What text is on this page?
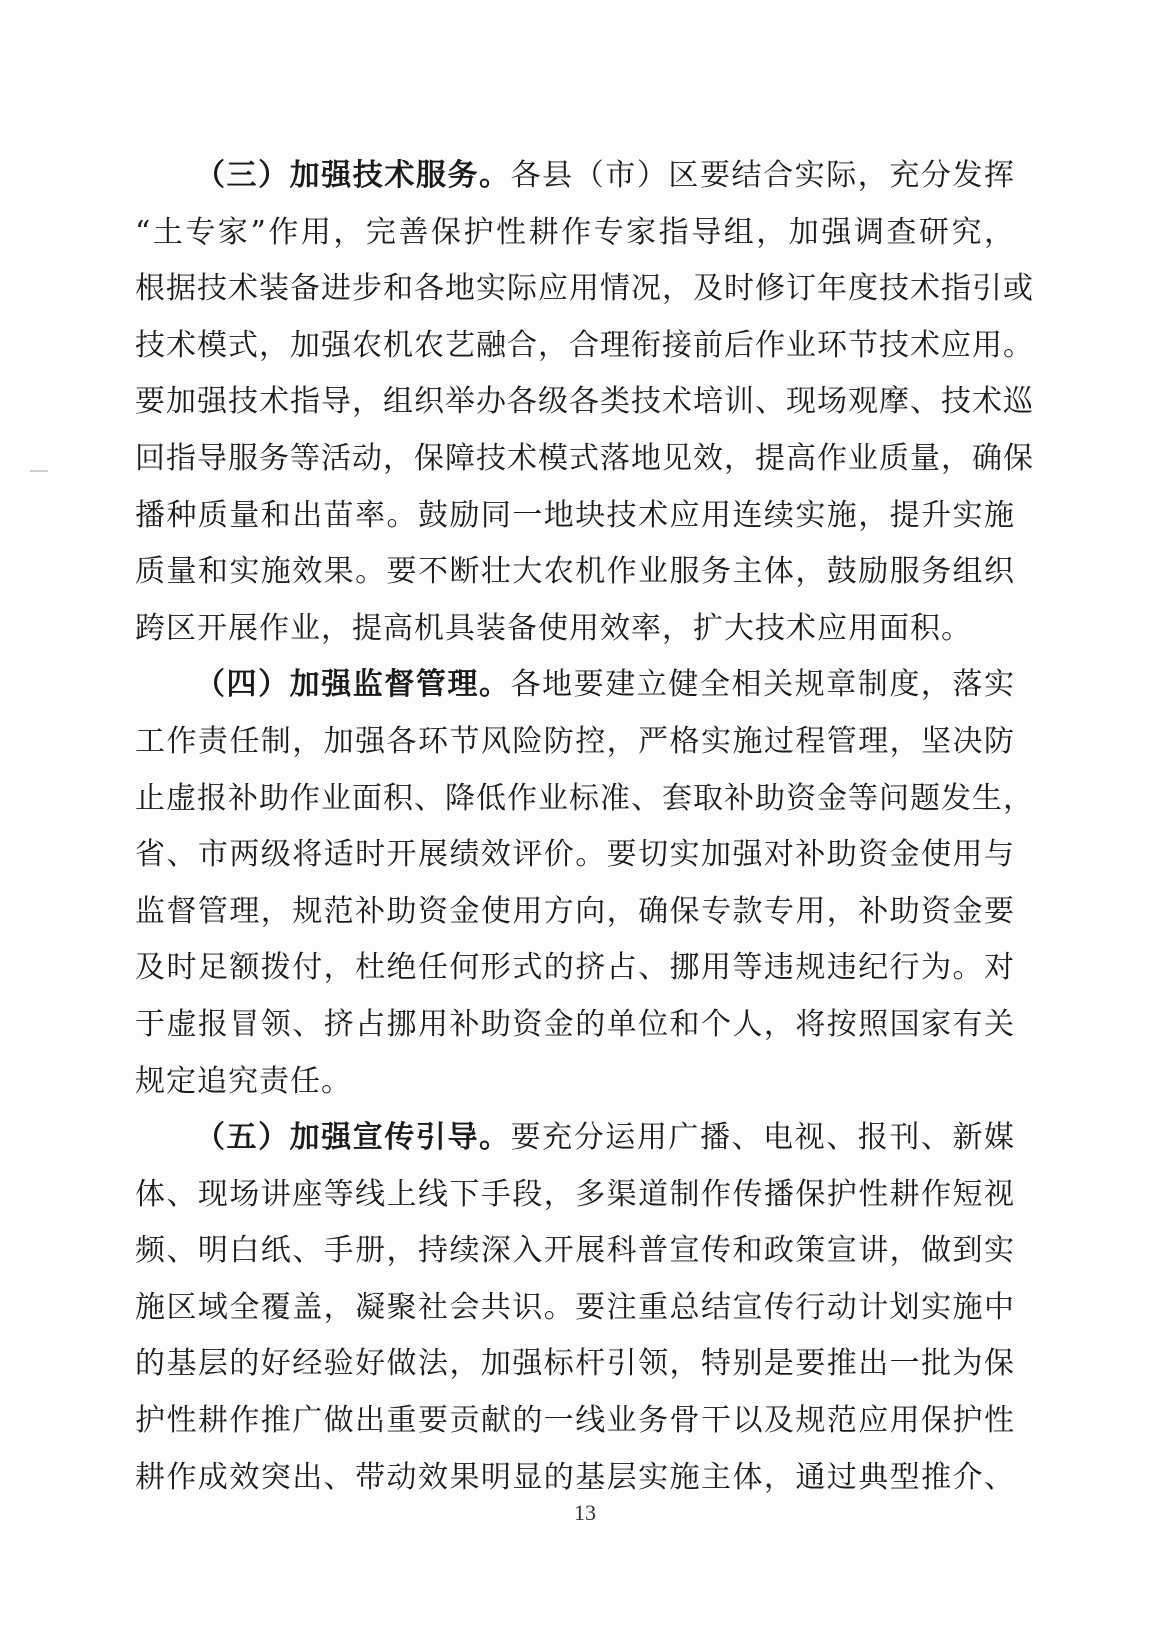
（三）加强技术服务。各县（市）区要结合实际，充分发挥
“土专家”作用，完善保护性耕作专家指导组，加强调查研究，
根据技术装备进步和各地实际应用情况，及时修订年度技术指引或
技术模式，加强农机农艺融合，合理衔接前后作业环节技术应用。
要加强技术指导，组织举办各级各类技术培训、现场观摩、技术巡
回指导服务等活动，保障技术模式落地见效，提高作业质量，确保
播种质量和出苗率。鼓励同一地块技术应用连续实施，提升实施
质量和实施效果。要不断壮大农机作业服务主体，鼓励服务组织
跨区开展作业，提高机具装备使用效率，扩大技术应用面积。
（四）加强监督管理。各地要建立健全相关规章制度，落实
工作责任制，加强各环节风险防控，严格实施过程管理，坚决防
止虚报补助作业面积、降低作业标准、套取补助资金等问题发生，
省、市两级将适时开展绩效评价。要切实加强对补助资金使用与
监督管理，规范补助资金使用方向，确保专款专用，补助资金要
及时足额拨付，杜绝任何形式的挤占、挪用等违规违纪行为。对
于虚报冒领、挤占挪用补助资金的单位和个人，将按照国家有关
规定追究责任。
（五）加强宣传引导。要充分运用广播、电视、报刊、新媒
体、现场讲座等线上线下手段，多渠道制作传播保护性耕作短视
频、明白纸、手册，持续深入开展科普宣传和政策宣讲，做到实
施区域全覆盖，凝聚社会共识。要注重总结宣传行动计划实施中
的基层的好经验好做法，加强标杆引领，特别是要推出一批为保
护性耕作推广做出重要贡献的一线业务骨干以及规范应用保护性
耕作成效突出、带动效果明显的基层实施主体，通过典型推介、
13
